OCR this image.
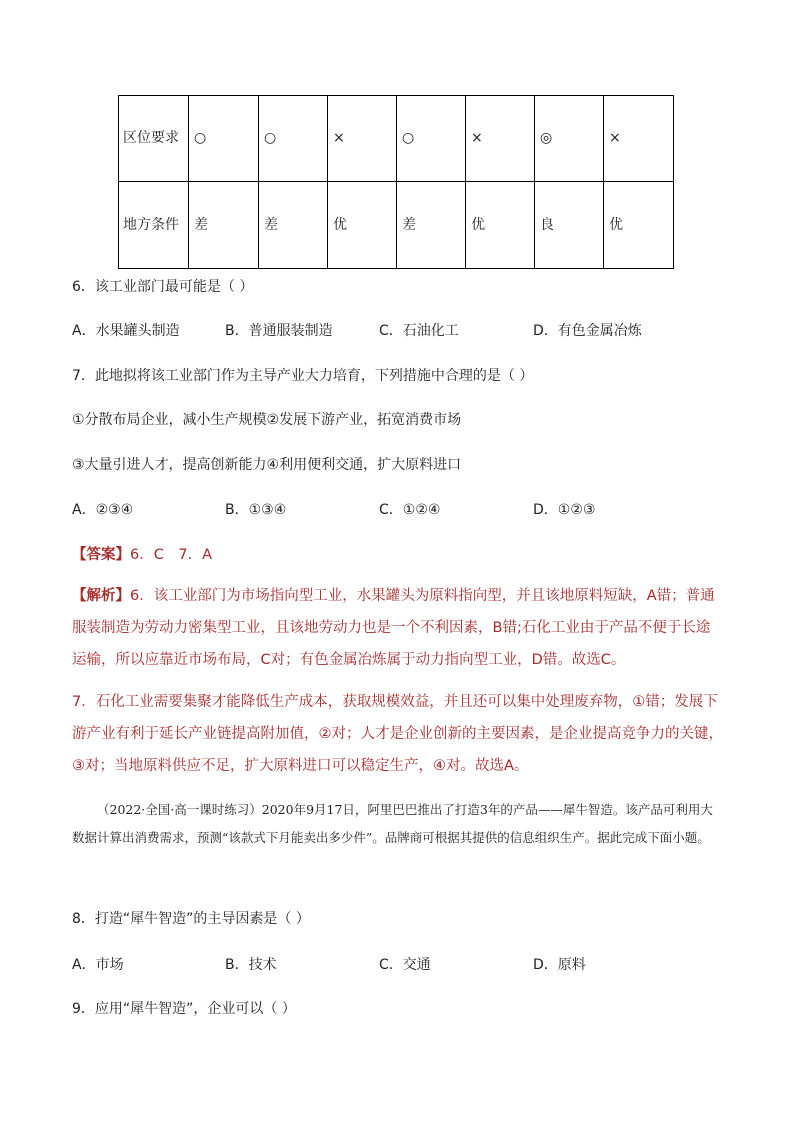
区位要求	○	○	×	○	×	◎	×
地方条件	差	差	优	差	优	良	优
6．该工业部门最可能是（ ）
A．水果罐头制造	B．普通服装制造	C．石油化工	D．有色金属冶炼
7．此地拟将该工业部门作为主导产业大力培育，下列措施中合理的是（ ）
①分散布局企业，减小生产规模②发展下游产业，拓宽消费市场
③大量引进人才，提高创新能力④利用便利交通，扩大原料进口
A．②③④	B．①③④	C．①②④	D．①②③
【答案】6．C　7．A
【解析】6．该工业部门为市场指向型工业，水果罐头为原料指向型，并且该地原料短缺，A错；普通服装制造为劳动力密集型工业，且该地劳动力也是一个不利因素，B错;石化工业由于产品不便于长途运输，所以应靠近市场布局，C对；有色金属冶炼属于动力指向型工业，D错。故选C。
7．石化工业需要集聚才能降低生产成本，获取规模效益，并且还可以集中处理废弃物，①错；发展下游产业有利于延长产业链提高附加值，②对；人才是企业创新的主要因素，是企业提高竞争力的关键，③对；当地原料供应不足，扩大原料进口可以稳定生产，④对。故选A。
（2022·全国·高一课时练习）2020年9月17日，阿里巴巴推出了打造3年的产品——犀牛智造。该产品可利用大数据计算出消费需求，预测“该款式下月能卖出多少件”。品牌商可根据其提供的信息组织生产。据此完成下面小题。
8．打造“犀牛智造”的主导因素是（ ）
A．市场	B．技术	C．交通	D．原料
9．应用“犀牛智造”，企业可以（ ）
